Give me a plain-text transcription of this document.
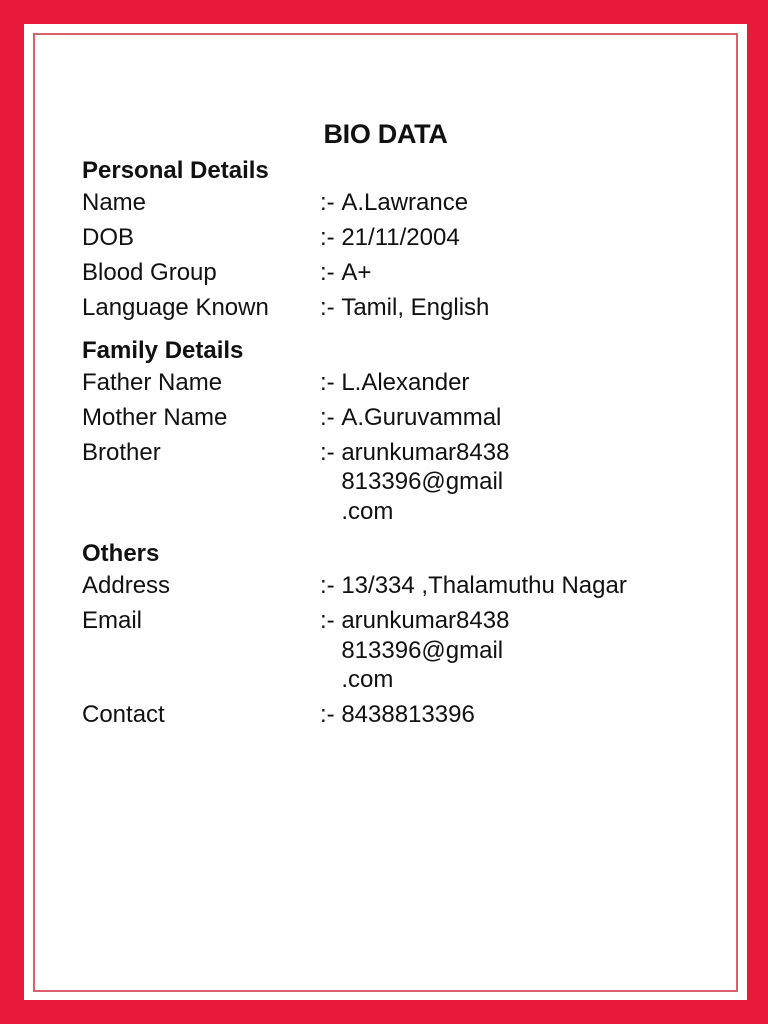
BIO DATA
Personal Details
Name	:- A.Lawrance
DOB	:- 21/11/2004
Blood Group	:- A+
Language Known	:- Tamil, English
Family Details
Father Name	:- L.Alexander
Mother Name	:- A.Guruvammal
Brother	:- arunkumar8438
813396@gmail
.com
Others
Address	:- 13/334 ,Thalamuthu Nagar
Email	:- arunkumar8438
813396@gmail
.com
Contact	:- 8438813396
